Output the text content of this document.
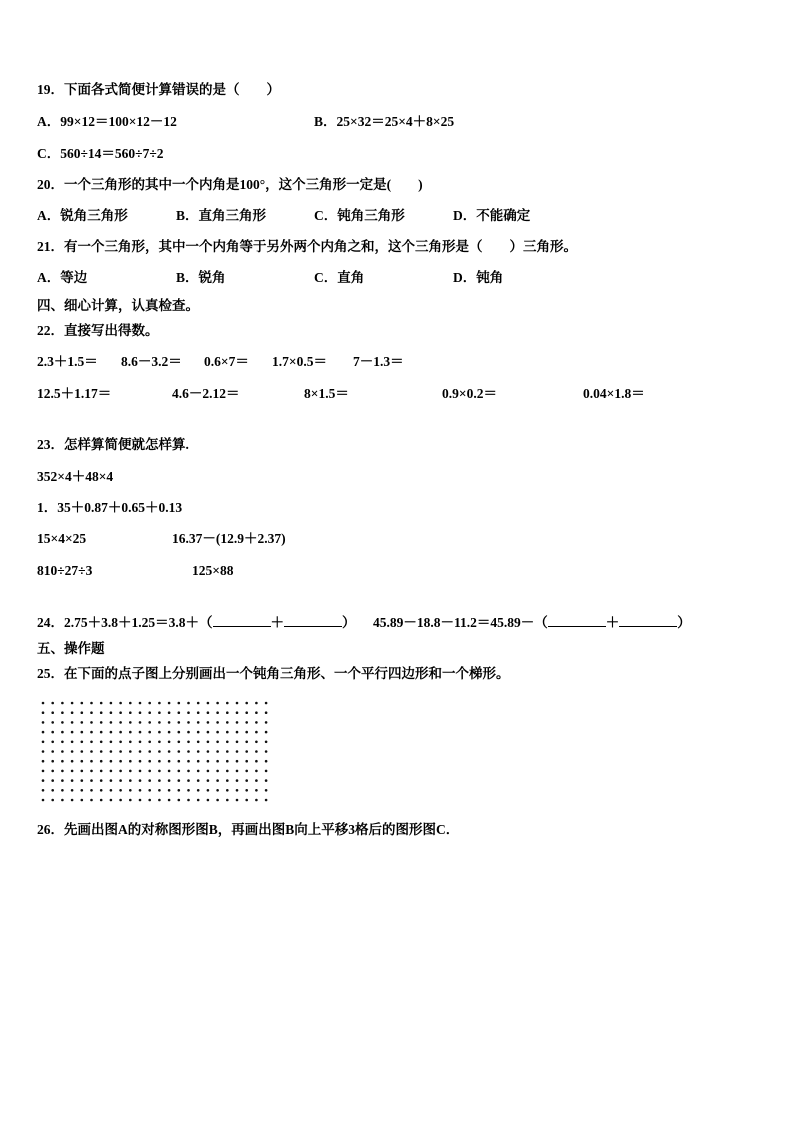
19．下面各式简便计算错误的是（　　）
A．99×12＝100×12－12	B．25×32＝25×4＋8×25
C．560÷14＝560÷7÷2
20．一个三角形的其中一个内角是100°，这个三角形一定是(　　)
A．锐角三角形	B．直角三角形	C．钝角三角形	D．不能确定
21．有一个三角形，其中一个内角等于另外两个内角之和，这个三角形是（　　）三角形。
A．等边	B．锐角	C．直角	D．钝角
四、细心计算，认真检查。
22．直接写出得数。
2.3＋1.5＝ 8.6－3.2＝ 0.6×7＝ 1.7×0.5＝ 7－1.3＝
12.5＋1.17＝	4.6－2.12＝	8×1.5＝	0.9×0.2＝	0.04×1.8＝
23．怎样算简便就怎样算.
352×4＋48×4
1．35＋0.87＋0.65＋0.13
15×4×25	16.37－(12.9＋2.37)
810÷27÷3	125×88
24．2.75＋3.8＋1.25＝3.8＋（	＋	） 45.89－18.8－11.2＝45.89－（	＋	）
五、操作题
25．在下面的点子图上分别画出一个钝角三角形、一个平行四边形和一个梯形。
26．先画出图A的对称图形图B，再画出图B向上平移3格后的图形图C．
